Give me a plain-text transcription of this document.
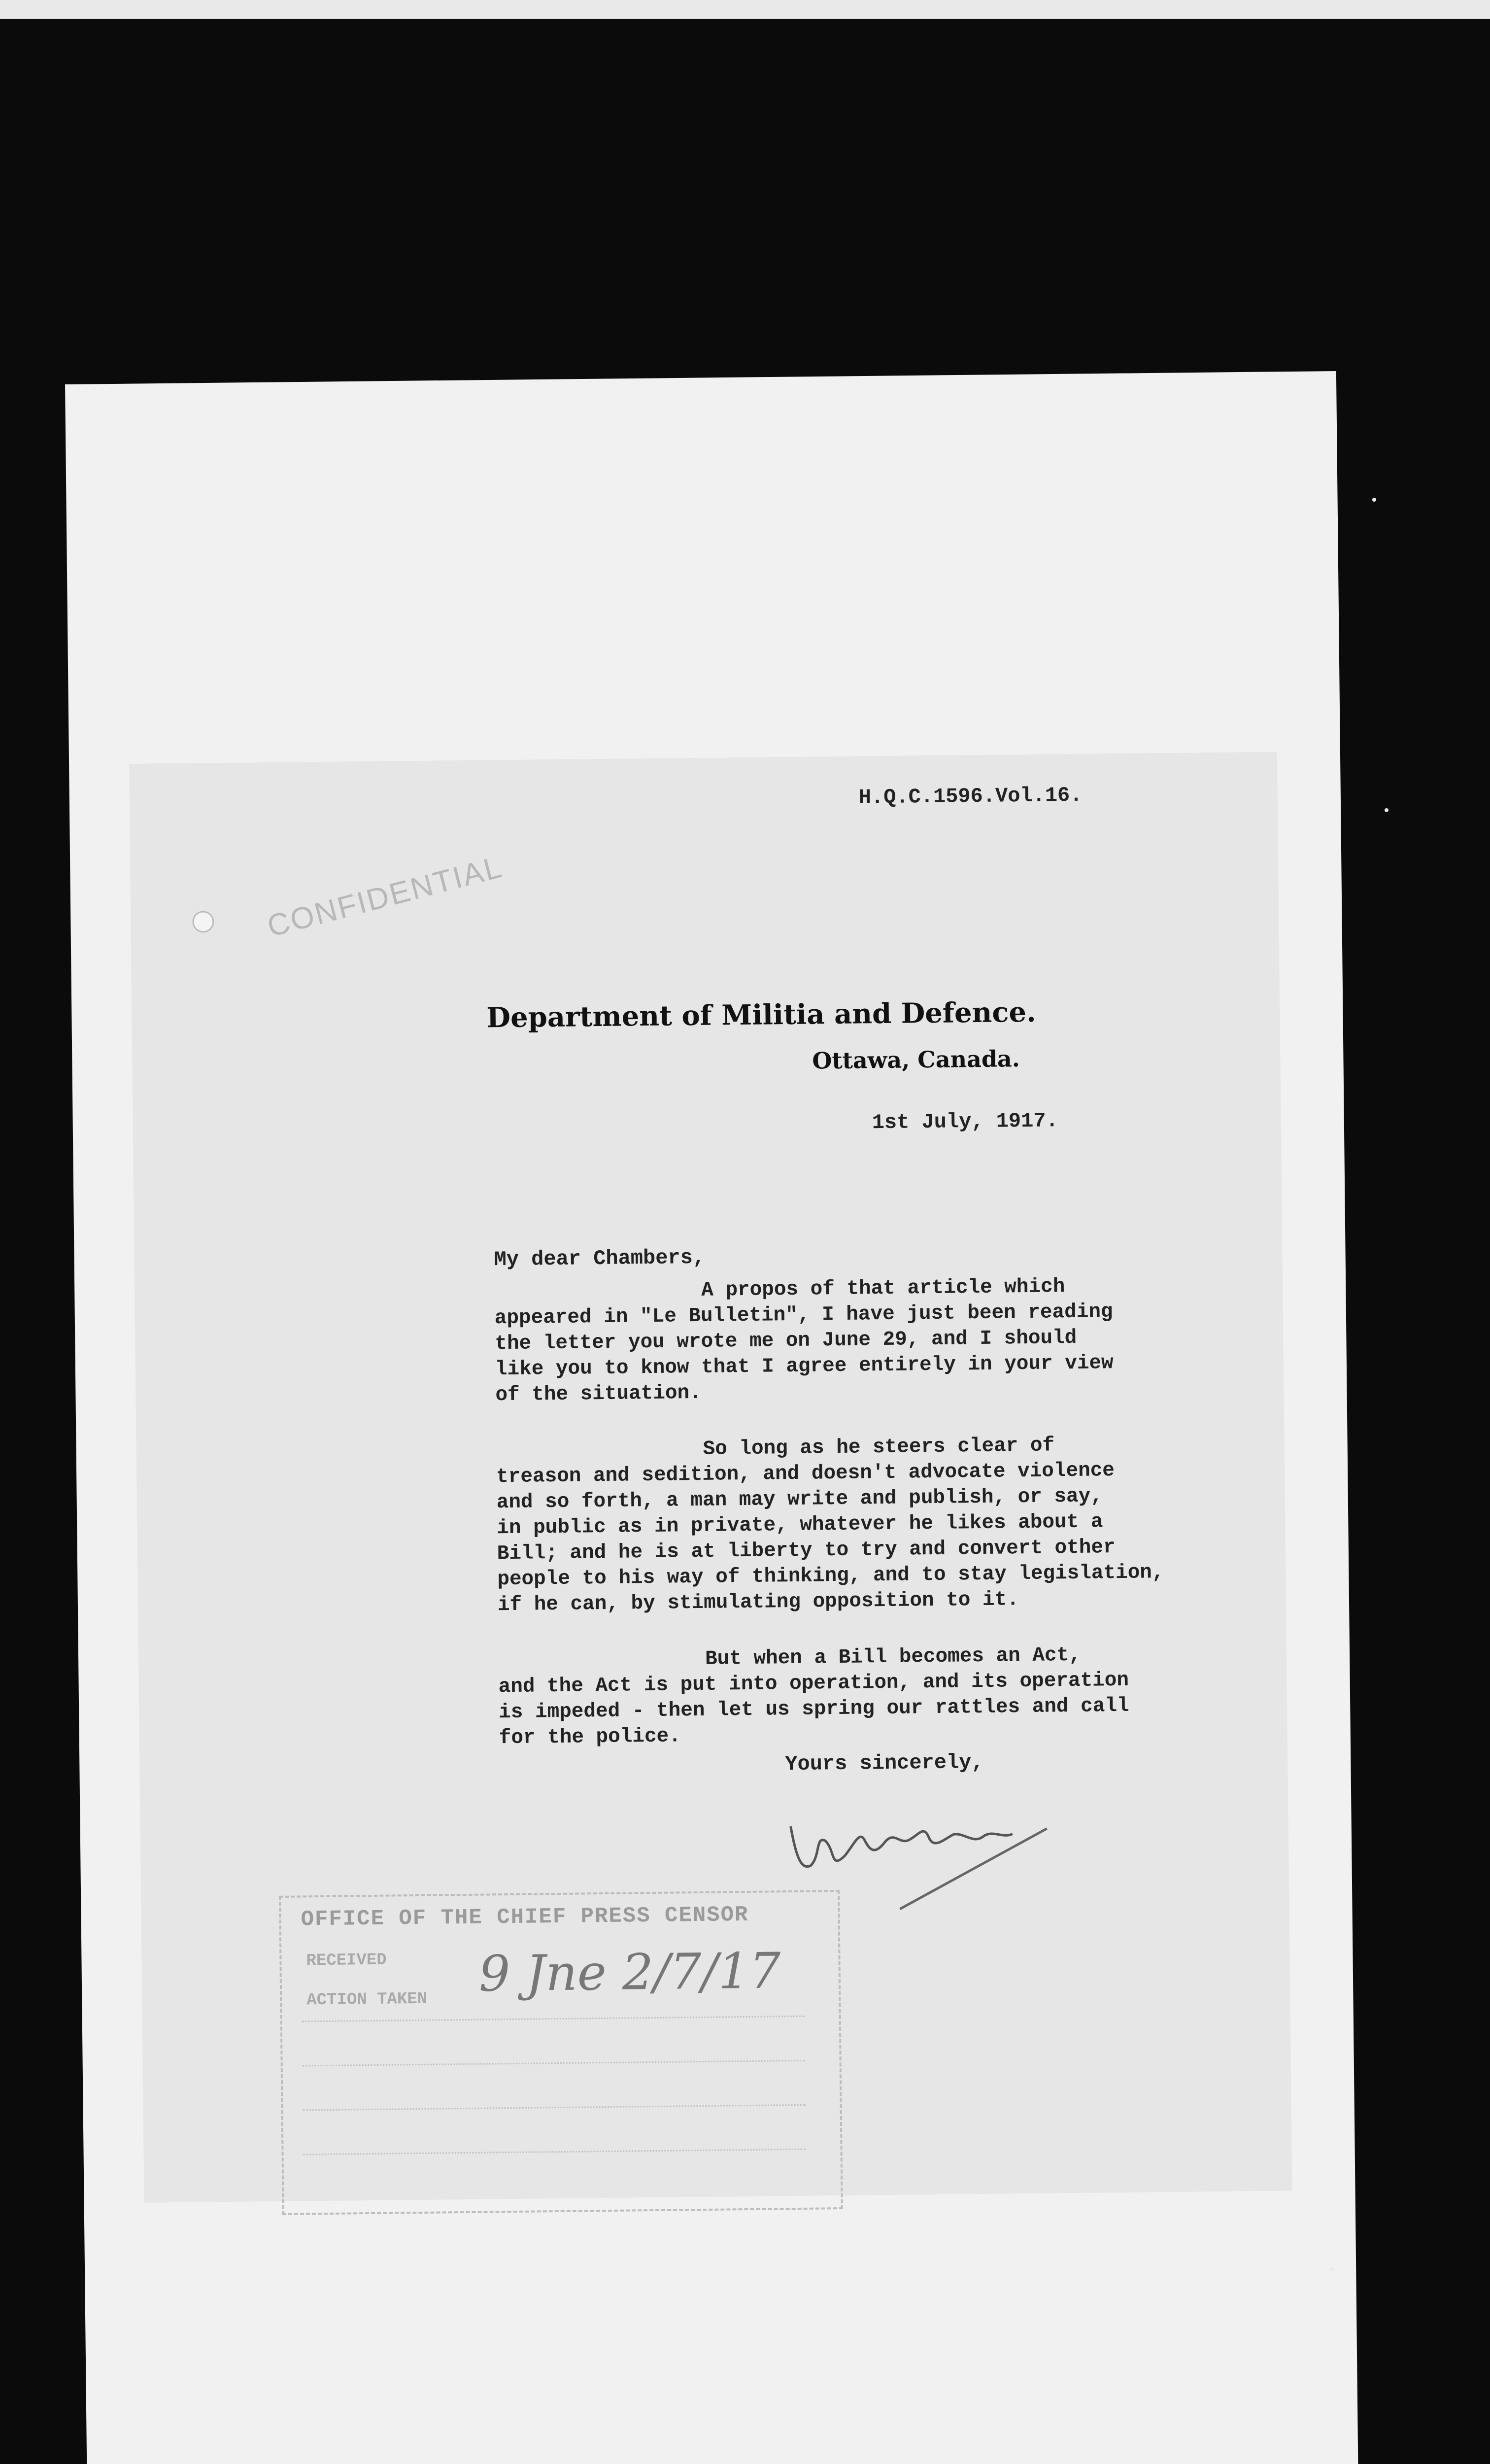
H.Q.C.1596.Vol.16.
CONFIDENTIAL
Department of Militia and Defence.
Ottawa, Canada.
1st July, 1917.
My dear Chambers,

A propos of that article which
appeared in "Le Bulletin", I have just been reading
the letter you wrote me on June 29, and I should
like you to know that I agree entirely in your view
of the situation.

So long as he steers clear of
treason and sedition, and doesn't advocate violence
and so forth, a man may write and publish, or say,
in public as in private, whatever he likes about a
Bill; and he is at liberty to try and convert other
people to his way of thinking, and to stay legislation,
if he can, by stimulating opposition to it.

But when a Bill becomes an Act,
and the Act is put into operation, and its operation
is impeded - then let us spring our rattles and call
for the police.

Yours sincerely,
OFFICE OF THE CHIEF PRESS CENSOR
RECEIVED
ACTION TAKEN 9 Jne 2/7/17
